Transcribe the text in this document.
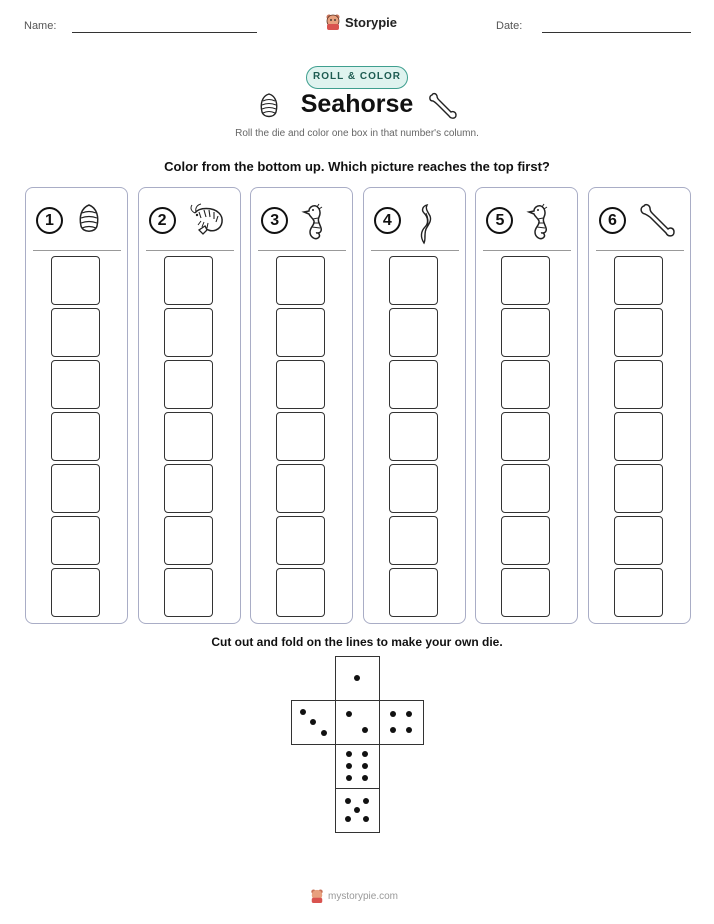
Name:	Storypie	Date:
ROLL & COLOR
Seahorse
Roll the die and color one box in that number's column.
Color from the bottom up. Which picture reaches the top first?
1	2	3	4	5	6
Cut out and fold on the lines to make your own die.
mystorypie.com
